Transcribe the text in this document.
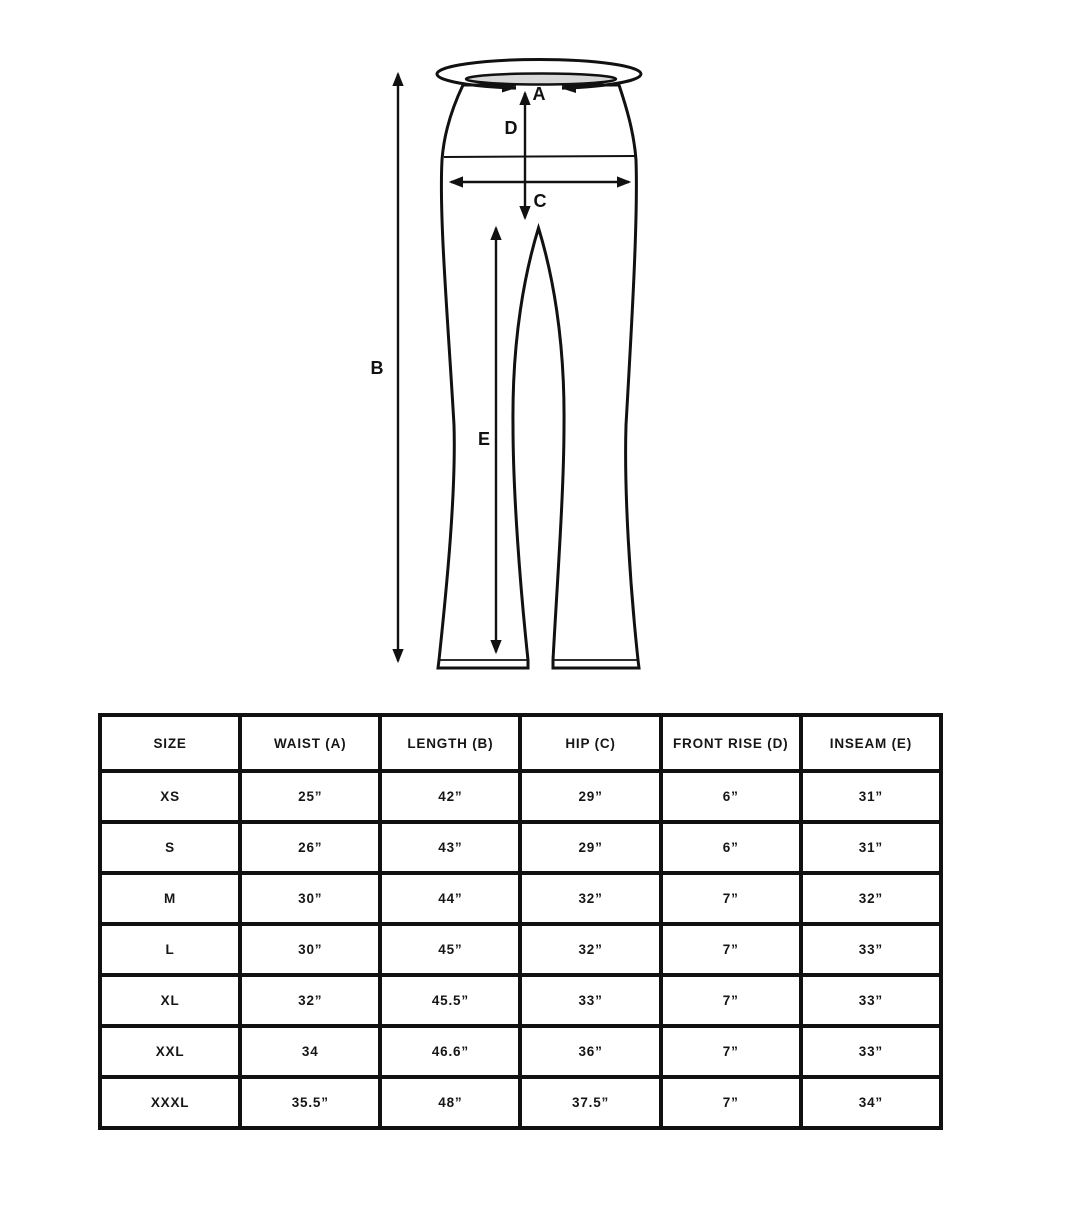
A
B
C
D
E
SIZE	WAIST (A)	LENGTH (B)	HIP (C)	FRONT RISE (D)	INSEAM (E)
XS	25”	42”	29”	6”	31”
S	26”	43”	29”	6”	31”
M	30”	44”	32”	7”	32”
L	30”	45”	32”	7”	33”
XL	32”	45.5”	33”	7”	33”
XXL	34	46.6”	36”	7”	33”
XXXL	35.5”	48”	37.5”	7”	34”
